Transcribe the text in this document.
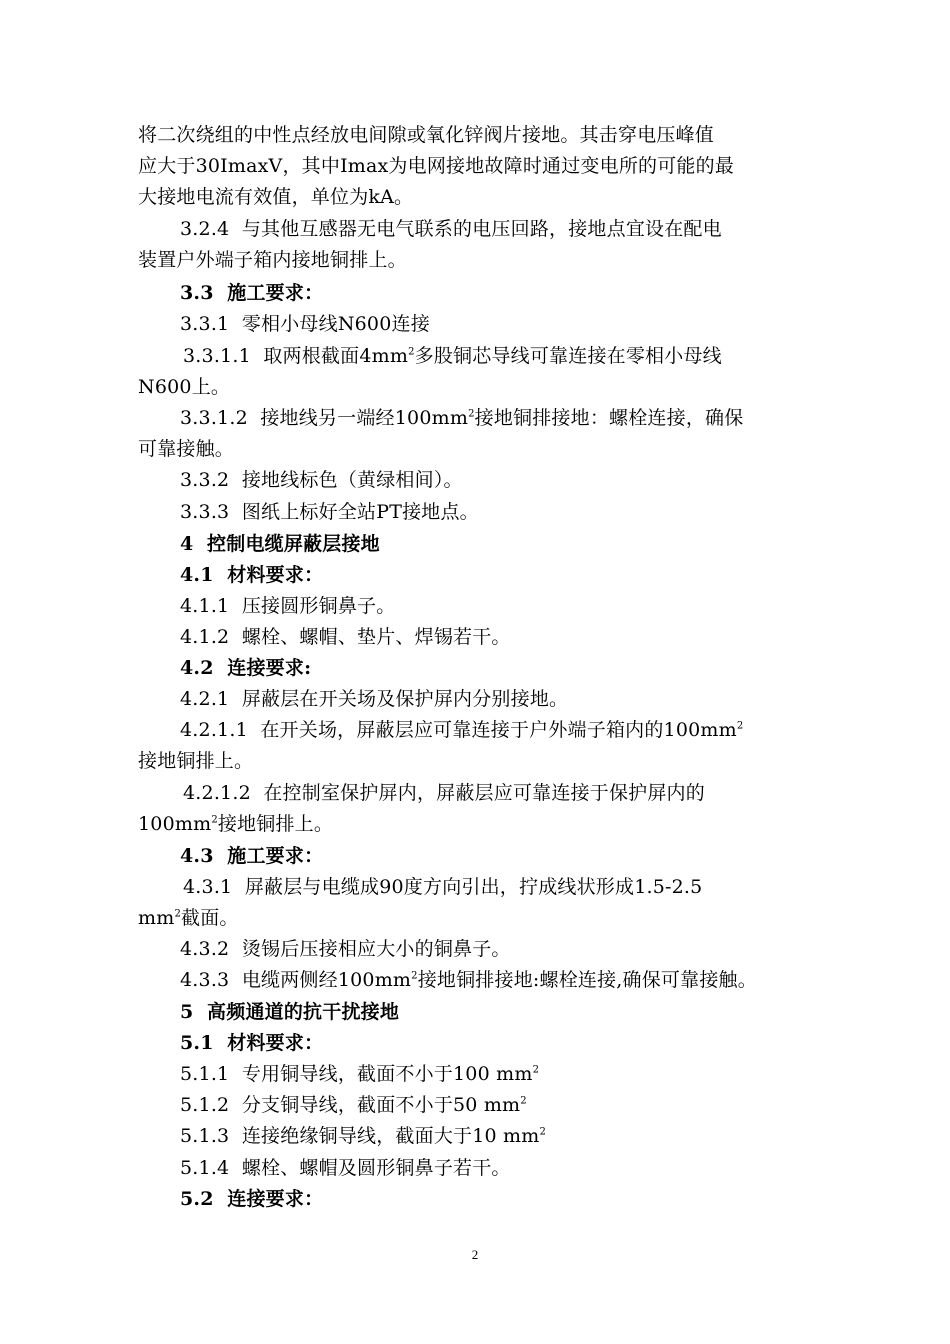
将二次绕组的中性点经放电间隙或氧化锌阀片接地。其击穿电压峰值
应大于30ImaxV，其中Imax为电网接地故障时通过变电所的可能的最
大接地电流有效值，单位为kA。
3.2.4  与其他互感器无电气联系的电压回路，接地点宜设在配电
装置户外端子箱内接地铜排上。
3.3  施工要求：
3.3.1  零相小母线N600连接
3.3.1.1  取两根截面$4mm^2$多股铜芯导线可靠连接在零相小母线
N600上。
3.3.1.2  接地线另一端经$100mm^2$接地铜排接地：螺栓连接，确保
可靠接触。
3.3.2  接地线标色（黄绿相间）。
3.3.3  图纸上标好全站PT接地点。
4  控制电缆屏蔽层接地
4.1  材料要求：
4.1.1  压接圆形铜鼻子。
4.1.2  螺栓、螺帽、垫片、焊锡若干。
4.2  连接要求:
4.2.1  屏蔽层在开关场及保护屏内分别接地。
4.2.1.1  在开关场，屏蔽层应可靠连接于户外端子箱内的$100mm^2$
接地铜排上。
4.2.1.2  在控制室保护屏内，屏蔽层应可靠连接于保护屏内的
$100mm^2$接地铜排上。
4.3  施工要求：
4.3.1  屏蔽层与电缆成90度方向引出，拧成线状形成1.5-2.5
$mm^2$截面。
4.3.2  烫锡后压接相应大小的铜鼻子。
4.3.3  电缆两侧经$100mm^2$接地铜排接地:螺栓连接,确保可靠接触。
5  高频通道的抗干扰接地
5.1  材料要求：
5.1.1  专用铜导线，截面不小于100 $mm^2$
5.1.2  分支铜导线，截面不小于50 $mm^2$
5.1.3  连接绝缘铜导线，截面大于10 $mm^2$
5.1.4  螺栓、螺帽及圆形铜鼻子若干。
5.2  连接要求：
2
